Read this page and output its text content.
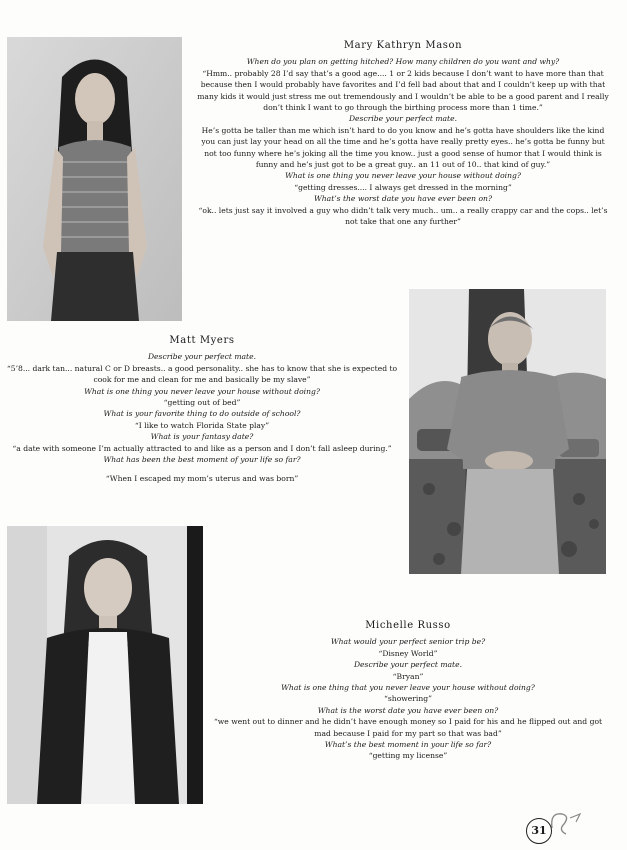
Mary Kathryn Mason
When do you plan on getting hitched? How many children do you want and why?
“Hmm.. probably 28 I’d say that’s a good age.... 1 or 2 kids because I don’t want to have more than that because then I would probably have favorites and I’d fell bad about that and I couldn’t keep up with that many kids it would just stress me out tremendously and I wouldn’t be able to be a good parent and I really don’t think I want to go through the birthing process more than 1 time.”
Describe your perfect mate.
He’s gotta be taller than me which isn’t hard to do you know and he’s gotta have shoulders like the kind you can just lay your head on all the time and he’s gotta have really pretty eyes.. he’s gotta be funny but not too funny where he’s joking all the time you know.. just a good sense of humor that I would think is funny and he’s just got to be a great guy.. an 11 out of 10.. that kind of guy.”
What is one thing you never leave your house without doing?
“getting dresses.... I always get dressed in the morning”
What’s the worst date you have ever been on?
“ok.. lets just say it involved a guy who didn’t talk very much.. um.. a really crappy car and the cops.. let’s not take that one any further”
Matt Myers
Describe your perfect mate.
“5’8... dark tan... natural C or D breasts.. a good personality.. she has to know that she is expected to cook for me and clean for me and basically be my slave”
What is one thing you never leave your house without doing?
“getting out of bed”
What is your favorite thing to do outside of school?
“I like to watch Florida State play”
What is your fantasy date?
“a date with someone I’m actually attracted to and like as a person and I don’t fall asleep during.”
What has been the best moment of your life so far?
“When I escaped my mom’s uterus and was born”
Michelle Russo
What would your perfect senior trip be?
“Disney World”
Describe your perfect mate.
“Bryan”
What is one thing that you never leave your house without doing?
“showering”
What is the worst date you have ever been on?
“we went out to dinner and he didn’t have enough money so I paid for his and he flipped out and got mad because I paid for my part so that was bad”
What’s the best moment in your life so far?
“getting my license”
31
